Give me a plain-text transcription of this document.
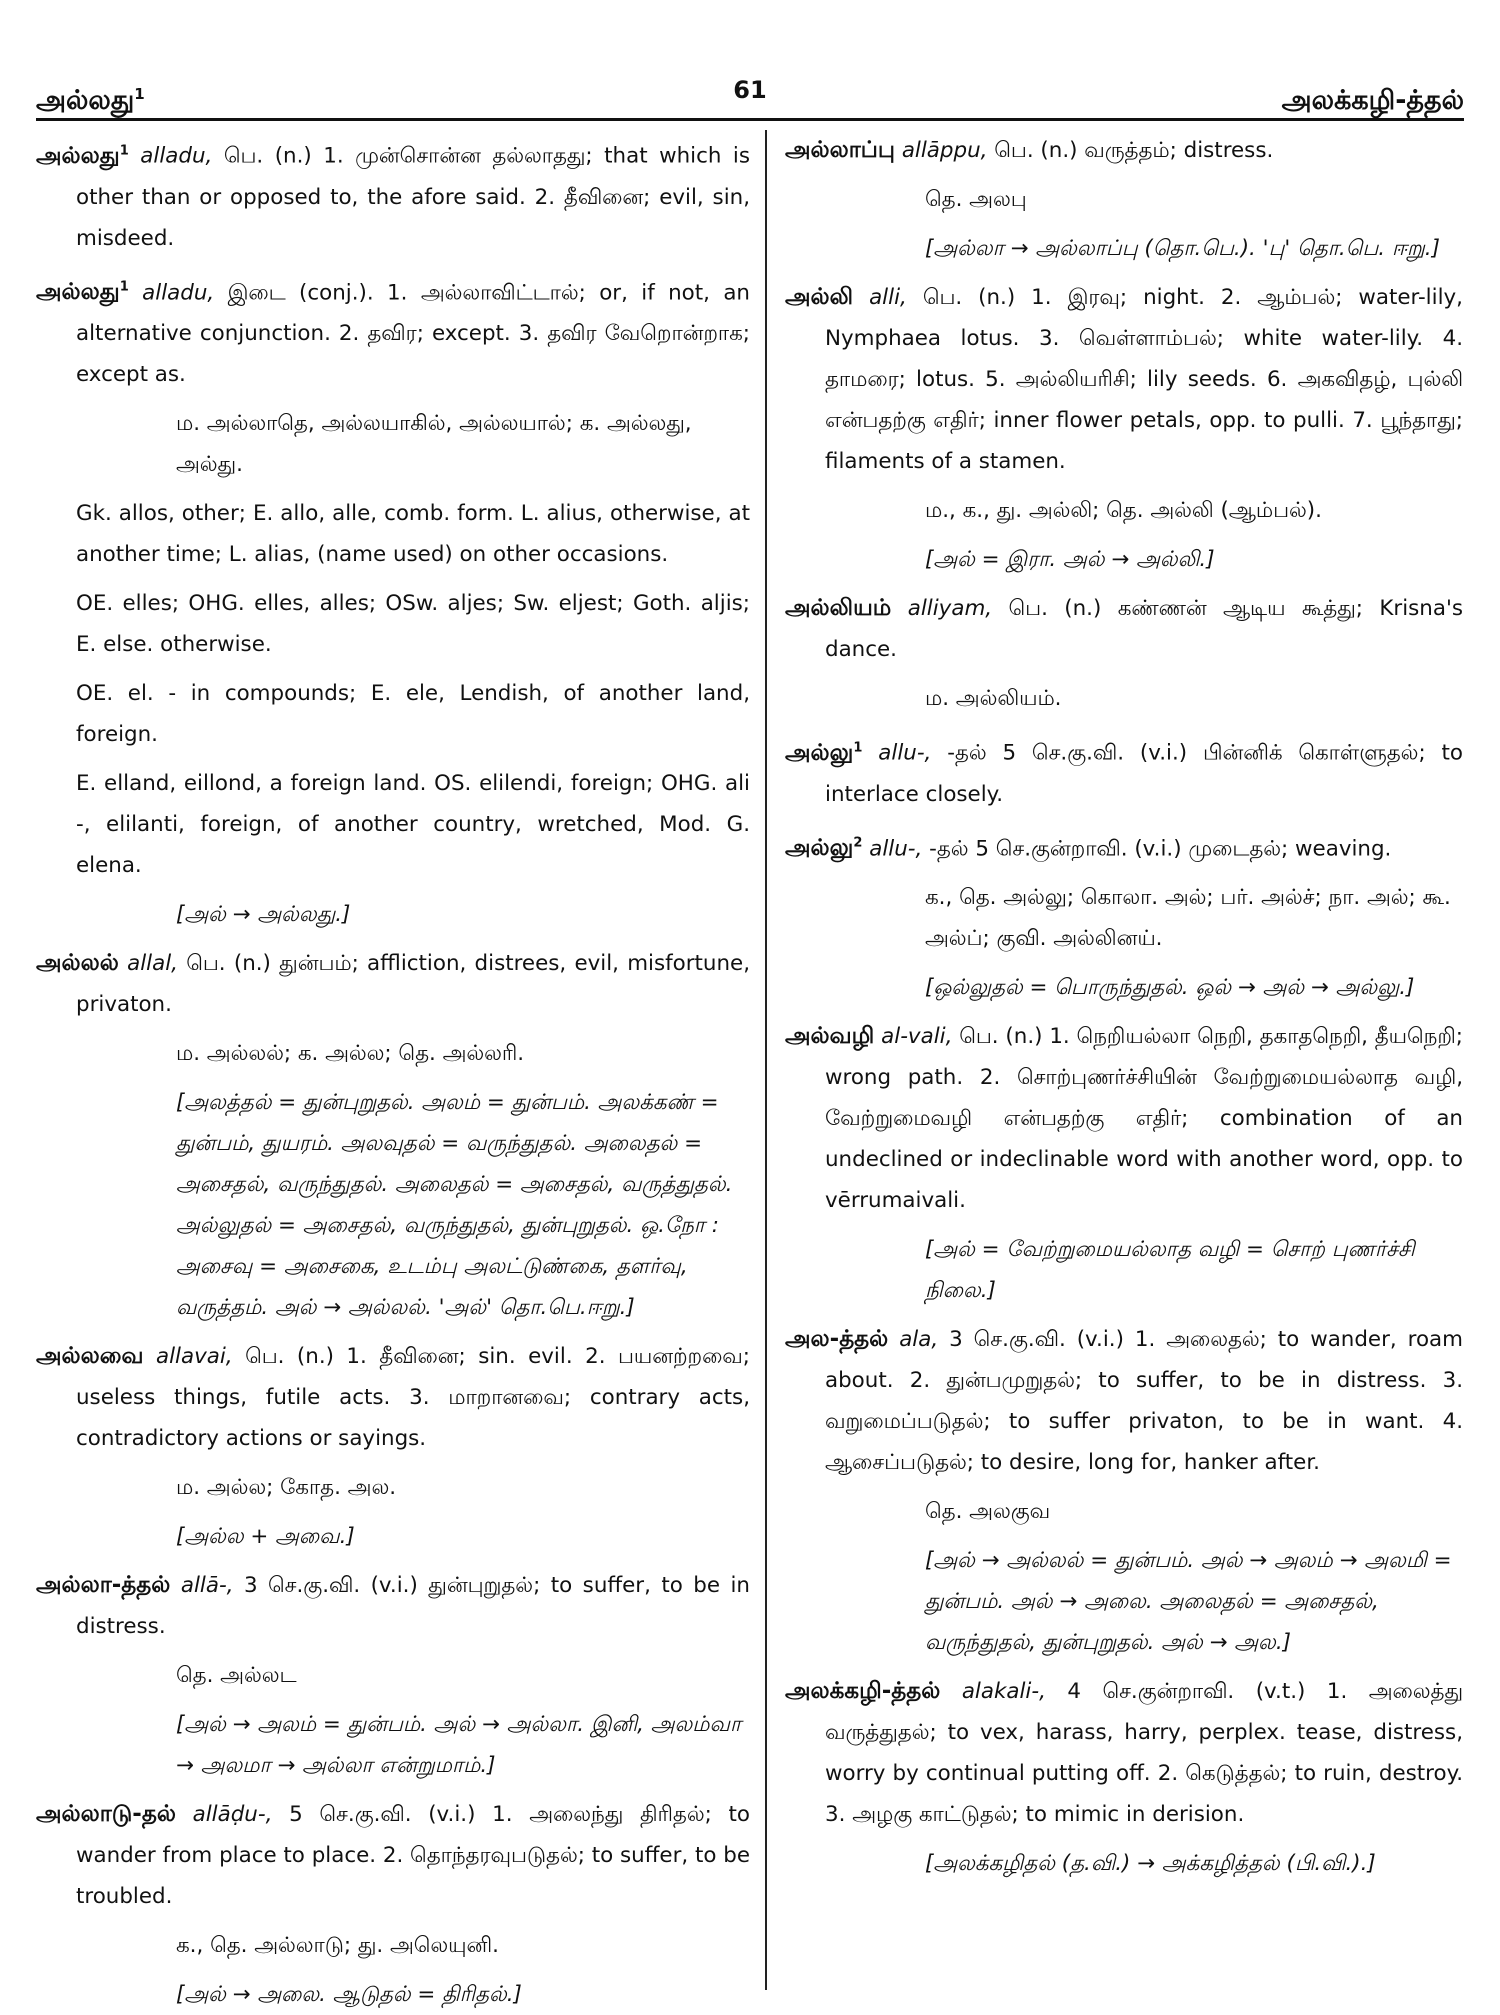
அல்லது$^1$	61	அலக்கழி-த்தல்

அல்லது$^1$ alladu, பெ. (n.) 1. முன்சொன்ன தல்லாதது; that which is other than or opposed to, the afore said. 2. தீவினை; evil, sin, misdeed.

அல்லது$^1$ alladu, இடை (conj.). 1. அல்லாவிட்டால்; or, if not, an alternative conjunction. 2. தவிர; except. 3. தவிர வேறொன்றாக; except as.

ம. அல்லாதெ, அல்லயாகில், அல்லயால்; க. அல்லது, அல்து.

Gk. allos, other; E. allo, alle, comb. form. L. alius, otherwise, at another time; L. alias, (name used) on other occasions.

OE. elles; OHG. elles, alles; OSw. aljes; Sw. eljest; Goth. aljis; E. else. otherwise.

OE. el. - in compounds; E. ele, Lendish, of another land, foreign.

E. elland, eillond, a foreign land. OS. elilendi, foreign; OHG. ali -, elilanti, foreign, of another country, wretched, Mod. G. elena.

[அல் → அல்லது.]

அல்லல் allal, பெ. (n.) துன்பம்; affliction, distrees, evil, misfortune, privaton.

ம. அல்லல்; க. அல்ல; தெ. அல்லரி.

[அலத்தல் = துன்புறுதல். அலம் = துன்பம். அலக்கண் = துன்பம், துயரம். அலவுதல் = வருந்துதல். அலைதல் = அசைதல், வருந்துதல். அலைதல் = அசைதல், வருத்துதல். அல்லுதல் = அசைதல், வருந்துதல், துன்புறுதல். ஒ.நோ : அசைவு = அசைகை, உடம்பு அலட்டுண்கை, தளர்வு, வருத்தம். அல் → அல்லல். 'அல்' தொ.பெ.ஈறு.]

அல்லவை allavai, பெ. (n.) 1. தீவினை; sin. evil. 2. பயனற்றவை; useless things, futile acts. 3. மாறானவை; contrary acts, contradictory actions or sayings.

ம. அல்ல; கோத. அல.

[அல்ல + அவை.]

அல்லா-த்தல் allā-, 3 செ.கு.வி. (v.i.) துன்புறுதல்; to suffer, to be in distress.

தெ. அல்லட

[அல் → அலம் = துன்பம். அல் → அல்லா. இனி, அலம்வா → அலமா → அல்லா என்றுமாம்.]

அல்லாடு-தல் allāḍu-, 5 செ.கு.வி. (v.i.) 1. அலைந்து திரிதல்; to wander from place to place. 2. தொந்தரவுபடுதல்; to suffer, to be troubled.

க., தெ. அல்லாடு; து. அலெயுனி.

[அல் → அலை. ஆடுதல் = திரிதல்.]

அல்லாப்பு allāppu, பெ. (n.) வருத்தம்; distress.

தெ. அலபு

[அல்லா → அல்லாப்பு (தொ.பெ.). 'பு' தொ.பெ. ஈறு.]

அல்லி alli, பெ. (n.) 1. இரவு; night. 2. ஆம்பல்; water-lily, Nymphaea lotus. 3. வெள்ளாம்பல்; white water-lily. 4. தாமரை; lotus. 5. அல்லியரிசி; lily seeds. 6. அகவிதழ், புல்லி என்பதற்கு எதிர்; inner flower petals, opp. to pulli. 7. பூந்தாது; filaments of a stamen.

ம., க., து. அல்லி; தெ. அல்லி (ஆம்பல்).

[அல் = இரா. அல் → அல்லி.]

அல்லியம் alliyam, பெ. (n.) கண்ணன் ஆடிய கூத்து; Krisna's dance.

ம. அல்லியம்.

அல்லு$^1$ allu-, -தல் 5 செ.கு.வி. (v.i.) பின்னிக் கொள்ளுதல்; to interlace closely.

அல்லு$^2$ allu-, -தல் 5 செ.குன்றாவி. (v.i.) முடைதல்; weaving.

க., தெ. அல்லு; கொலா. அல்; பர். அல்ச்; நா. அல்; கூ. அல்ப்; குவி. அல்லினய்.

[ஒல்லுதல் = பொருந்துதல். ஒல் → அல் → அல்லு.]

அல்வழி al-vali, பெ. (n.) 1. நெறியல்லா நெறி, தகாதநெறி, தீயநெறி; wrong path. 2. சொற்புணர்ச்சியின் வேற்றுமையல்லாத வழி, வேற்றுமைவழி என்பதற்கு எதிர்; combination of an undeclined or indeclinable word with another word, opp. to vērrumaivali.

[அல் = வேற்றுமையல்லாத வழி = சொற் புணர்ச்சி நிலை.]

அல-த்தல் ala, 3 செ.கு.வி. (v.i.) 1. அலைதல்; to wander, roam about. 2. துன்பமுறுதல்; to suffer, to be in distress. 3. வறுமைப்படுதல்; to suffer privaton, to be in want. 4. ஆசைப்படுதல்; to desire, long for, hanker after.

தெ. அலகுவ

[அல் → அல்லல் = துன்பம். அல் → அலம் → அலமி = துன்பம். அல் → அலை. அலைதல் = அசைதல், வருந்துதல், துன்புறுதல். அல் → அல.]

அலக்கழி-த்தல் alakali-, 4 செ.குன்றாவி. (v.t.) 1. அலைத்து வருத்துதல்; to vex, harass, harry, perplex. tease, distress, worry by continual putting off. 2. கெடுத்தல்; to ruin, destroy. 3. அழகு காட்டுதல்; to mimic in derision.

[அலக்கழிதல் (த.வி.) → அக்கழித்தல் (பி.வி.).]
